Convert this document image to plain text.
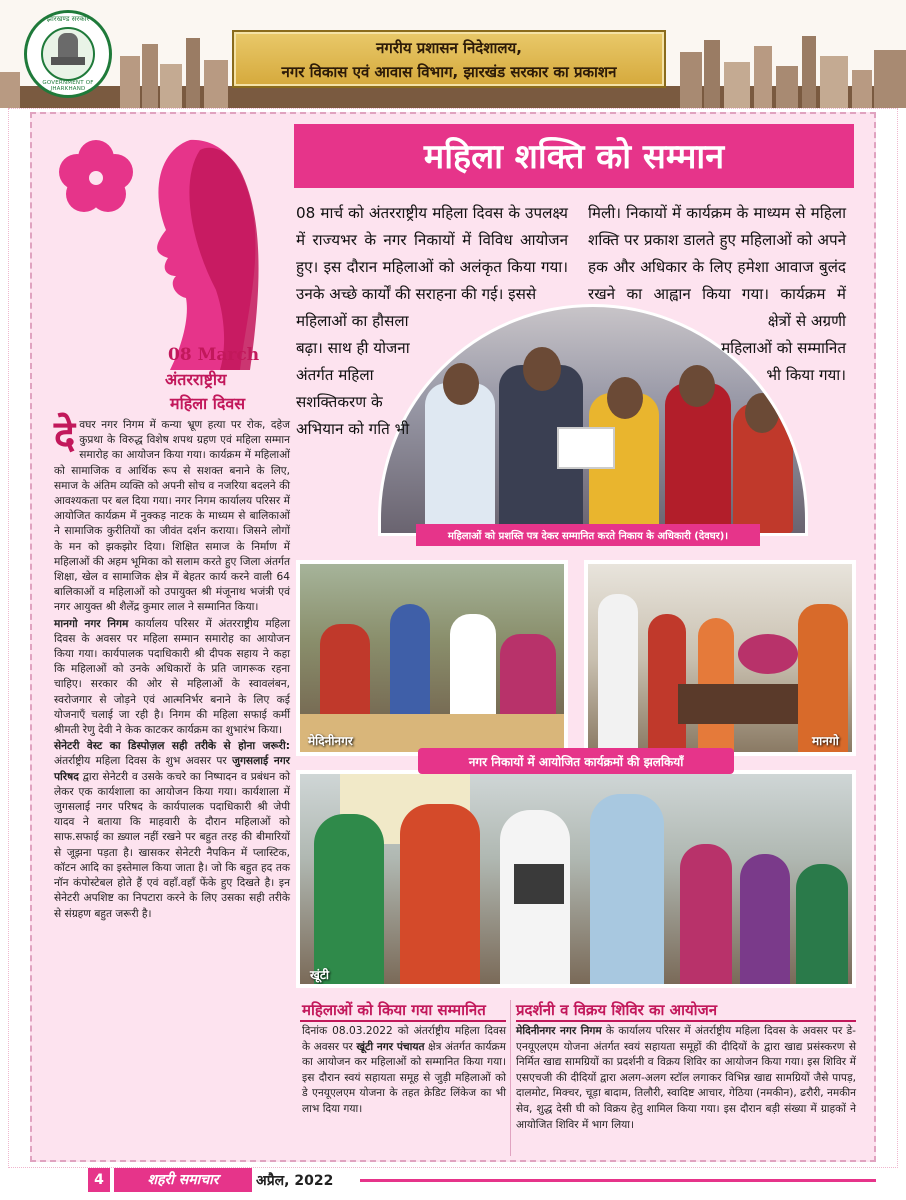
झारखण्ड सरकार
GOVERNMENT OF JHARKHAND
नगरीय प्रशासन निदेशालय,
नगर विकास एवं आवास विभाग, झारखंड सरकार का प्रकाशन
08 March
अंतरराष्ट्रीय
महिला दिवस

देवघर नगर निगम में कन्या भ्रूण हत्या पर रोक, दहेज कुप्रथा के विरुद्ध विशेष शपथ ग्रहण एवं महिला सम्मान समारोह का आयोजन किया गया। कार्यक्रम में महिलाओं को सामाजिक व आर्थिक रूप से सशक्त बनाने के लिए, समाज के अंतिम व्यक्ति को अपनी सोच व नजरिया बदलने की आवश्यकता पर बल दिया गया। नगर निगम कार्यालय परिसर में आयोजित कार्यक्रम में नुक्कड़ नाटक के माध्यम से बालिकाओं ने सामाजिक कुरीतियों का जीवंत दर्शन कराया। जिसने लोगों के मन को झकझोर दिया। शिक्षित समाज के निर्माण में महिलाओं की अहम भूमिका को सलाम करते हुए जिला अंतर्गत शिक्षा, खेल व सामाजिक क्षेत्र में बेहतर कार्य करने वाली 64 बालिकाओं व महिलाओं को उपायुक्त श्री मंजूनाथ भजंत्री एवं नगर आयुक्त श्री शैलेंद्र कुमार लाल ने सम्मानित किया।

मानगो नगर निगम कार्यालय परिसर में अंतरराष्ट्रीय महिला दिवस के अवसर पर महिला सम्मान समारोह का आयोजन किया गया। कार्यपालक पदाधिकारी श्री दीपक सहाय ने कहा कि महिलाओं को उनके अधिकारों के प्रति जागरूक रहना चाहिए। सरकार की ओर से महिलाओं के स्वावलंबन, स्वरोजगार से जोड़ने एवं आत्मनिर्भर बनाने के लिए कई योजनाएँ चलाई जा रही है। निगम की महिला सफाई कर्मी श्रीमती रेणु देवी ने केक काटकर कार्यक्रम का शुभारंभ किया।

सेनेटरी वेस्ट का डिस्पोज़ल सही तरीके से होना जरूरी: अंतर्राष्ट्रीय महिला दिवस के शुभ अवसर पर जुगसलाई नगर परिषद द्वारा सेनेटरी व उसके कचरे का निष्पादन व प्रबंधन को लेकर एक कार्यशाला का आयोजन किया गया। कार्यशाला में जुगसलाई नगर परिषद के कार्यपालक पदाधिकारी श्री जेपी यादव ने बताया कि माहवारी के दौरान महिलाओं को साफ.सफाई का ख़्याल नहीं रखने पर बहुत तरह की बीमारियों से जूझना पड़ता है। खासकर सेनेटरी नैपकिन में प्लास्टिक, कॉटन आदि का इस्तेमाल किया जाता है। जो कि बहुत हद तक नॉन कंपोस्टेबल होते हैं एवं वहाँ.वहाँ फेंके हुए दिखते है। इन सेनेटरी अपशिष्ट का निपटारा करने के लिए उसका सही तरीके से संग्रहण बहुत जरूरी है।

महिला शक्ति को सम्मान
08 मार्च को अंतरराष्ट्रीय महिला दिवस के उपलक्ष्य में राज्यभर के नगर निकायों में विविध आयोजन हुए। इस दौरान महिलाओं को अलंकृत किया गया। उनके अच्छे कार्यों की सराहना की गई। इससे
मिली। निकायों में कार्यक्रम के माध्यम से महिला शक्ति पर प्रकाश डालते हुए महिलाओं को अपने हक और अधिकार के लिए हमेशा आवाज बुलंद रखने का आह्वान किया गया। कार्यक्रम में
महिलाओं का हौसला बढ़ा। साथ ही योजना अंतर्गत महिला सशक्तिकरण के अभियान को गति भी
क्षेत्रों से अग्रणी महिलाओं को सम्मानित भी किया गया।
महिलाओं को प्रशस्ति पत्र देकर सम्मानित करते निकाय के अधिकारी (देवघर)।
मेदिनीनगर	मानगो
खूंटी
नगर निकायों में आयोजित कार्यक्रमों की झलकियाँ
महिलाओं को किया गया सम्मानित
दिनांक 08.03.2022 को अंतर्राष्ट्रीय महिला दिवस के अवसर पर खूंटी नगर पंचायत क्षेत्र अंतर्गत कार्यक्रम का आयोजन कर महिलाओं को सम्मानित किया गया। इस दौरान स्वयं सहायता समूह से जुड़ी महिलाओं को डे एनयूएलएम योजना के तहत क्रेडिट लिंकेज का भी लाभ दिया गया।
प्रदर्शनी व विक्रय शिविर का आयोजन
मेदिनीनगर नगर निगम के कार्यालय परिसर में अंतर्राष्ट्रीय महिला दिवस के अवसर पर डे-एनयूएलएम योजना अंतर्गत स्वयं सहायता समूहों की दीदियों के द्वारा खाद्य प्रसंस्करण से निर्मित खाद्य सामग्रियों का प्रदर्शनी व विक्रय शिविर का आयोजन किया गया। इस शिविर में एसएचजी की दीदियों द्वारा अलग-अलग स्टॉल लगाकर विभिन्न खाद्य सामग्रियों जैसे पापड़, दालमोट, मिक्चर, चूड़ा बादाम, तिलौरी, स्वादिष्ट आचार, गेठिया (नमकीन), ढरौरी, नमकीन सेव, शुद्ध देसी घी को विक्रय हेतु शामिल किया गया। इस दौरान बड़ी संख्या में ग्राहकों ने आयोजित शिविर में भाग लिया।
4	शहरी समाचार	अप्रैल, 2022
